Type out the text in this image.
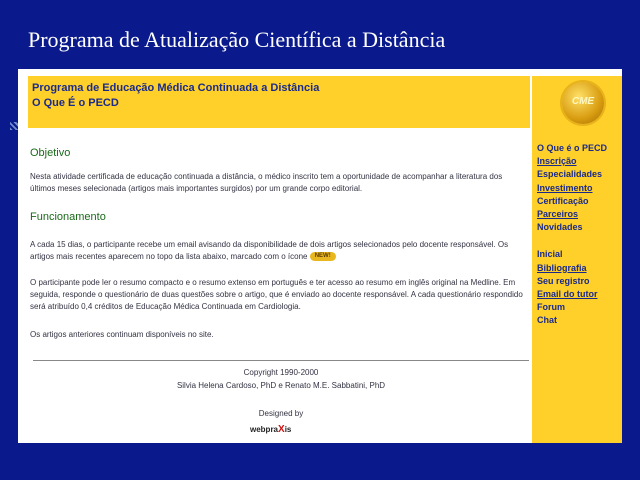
Programa de Atualização Científica a Distância
Programa de Educação Médica Continuada a Distância
O Que É o PECD	CME
O Que é o PECD
Inscrição
Especialidades
Investimento
Certificação
Parceiros
Novidades
Inicial
Bibliografia
Seu registro
Email do tutor
Forum
Chat
Objetivo
Nesta atividade certificada de educação continuada a distância, o médico inscrito tem a oportunidade de acompanhar a literatura dos últimos meses selecionada (artigos mais importantes surgidos) por um grande corpo editorial.
Funcionamento
A cada 15 dias, o participante recebe um email avisando da disponibilidade de dois artigos selecionados pelo docente responsável. Os artigos mais recentes aparecem no topo da lista abaixo, marcado com o ícone NEW!
O participante pode ler o resumo compacto e o resumo extenso em português e ter acesso ao resumo em inglês original na Medline. Em seguida, responde o questionário de duas questões sobre o artigo, que é enviado ao docente responsável. A cada questionário respondido será atribuído 0,4 créditos de Educação Médica Continuada em Cardiologia.
Os artigos anteriores continuam disponíveis no site.
Copyright 1990-2000
Silvia Helena Cardoso, PhD e Renato M.E. Sabbatini, PhD
Designed by
webpraXis
